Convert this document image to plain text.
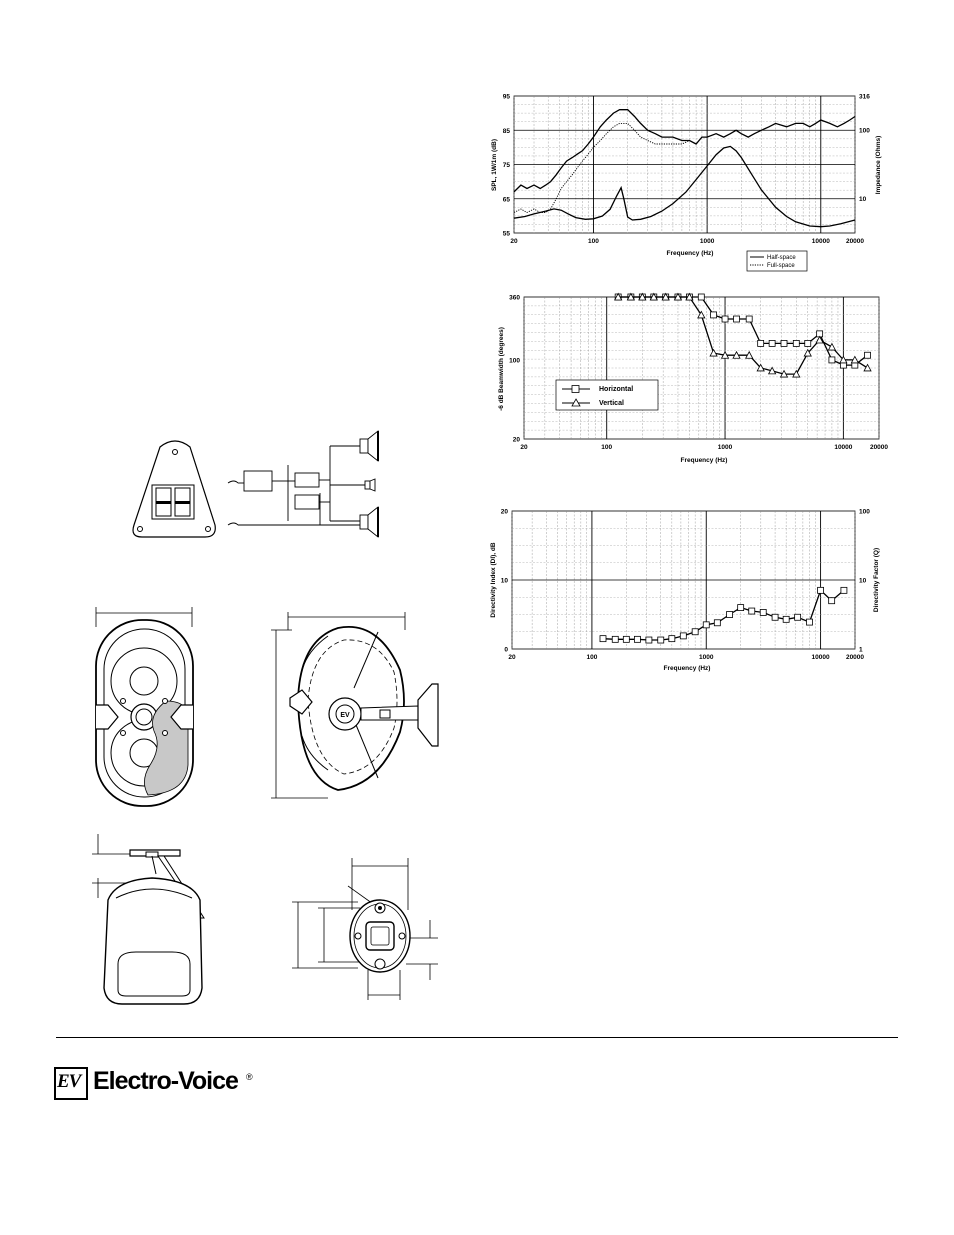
20	100	1000	10000 20000
55
65
75
85
95
10
100
316
Frequency (Hz)
SPL, 1W/1m (dB)	Impedance (Ohms)
Half-space
Full-space
20	100	1000	10000	20000
20
100
360
Horizontal
Vertical
Frequency (Hz)
-6 dB Beamwidth (degrees)
20	100	1000	10000	20000
0
10
20
1
10
100
Frequency (Hz)
Directivity Index (DI), dB	Directivity Factor (Q)
EV
EV Electro-Voice ®
